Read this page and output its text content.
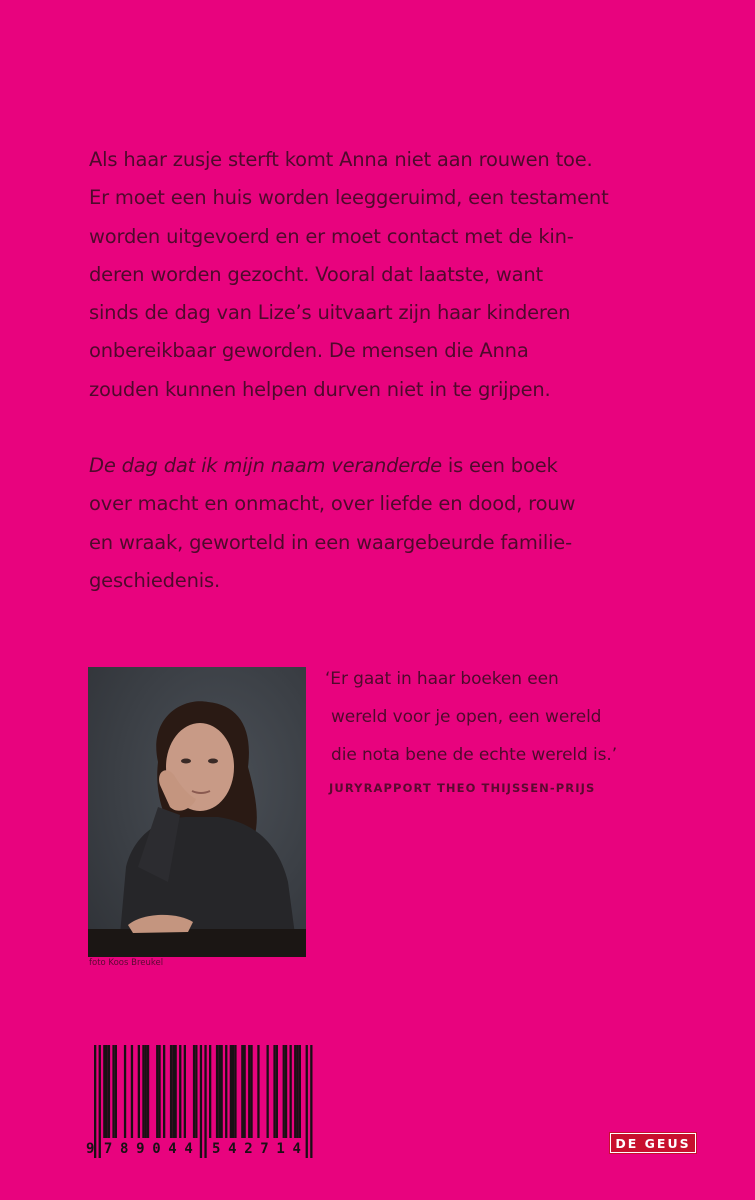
Als haar zusje sterft komt Anna niet aan rouwen toe.
Er moet een huis worden leeggeruimd, een testament
worden uitgevoerd en er moet contact met de kin-
deren worden gezocht. Vooral dat laatste, want
sinds de dag van Lize’s uitvaart zijn haar kinderen
onbereikbaar geworden. De mensen die Anna
zouden kunnen helpen durven niet in te grijpen.

De dag dat ik mijn naam veranderde is een boek
over macht en onmacht, over liefde en dood, rouw
en wraak, geworteld in een waargebeurde familie-
geschiedenis.

foto Koos Breukel
‘Er gaat in haar boeken een
wereld voor je open, een wereld
die nota bene de echte wereld is.’
JURYRAPPORT THEO THIJSSEN-PRIJS
9 7 8 9 0 4 4 5 4 2 7 1 4	DE GEUS
